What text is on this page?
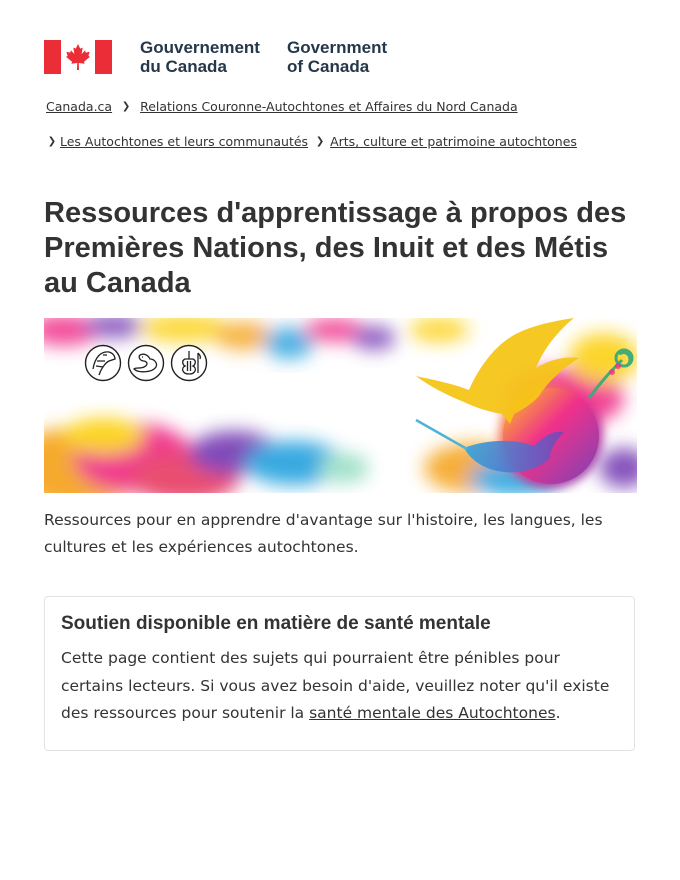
Gouvernement
du Canada
Government
of Canada
Canada.ca ❯ Relations Couronne-Autochtones et Affaires du Nord Canada
❯ Les Autochtones et leurs communautés ❯ Arts, culture et patrimoine autochtones
Ressources d'apprentissage à propos des Premières Nations, des Inuit et des Métis au Canada

Ressources pour en apprendre d'avantage sur l'histoire, les langues, les cultures et les expériences autochtones.

Soutien disponible en matière de santé mentale

Cette page contient des sujets qui pourraient être pénibles pour certains lecteurs. Si vous avez besoin d'aide, veuillez noter qu'il existe des ressources pour soutenir la santé mentale des Autochtones.
